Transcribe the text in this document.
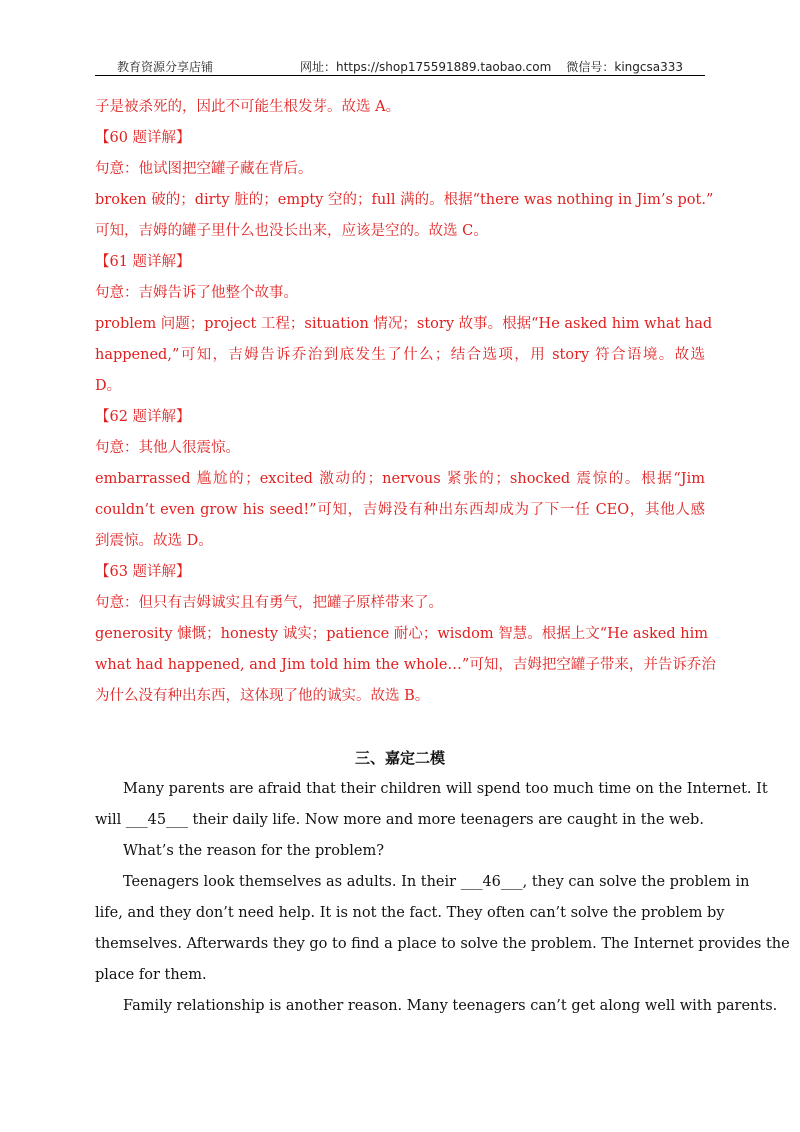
教育资源分享店铺	网址：https://shop175591889.taobao.com 微信号：kingcsa333
子是被杀死的，因此不可能生根发芽。故选 A。
【60 题详解】
句意：他试图把空罐子藏在背后。
broken 破的；dirty 脏的；empty 空的；full 满的。根据“there was nothing in Jim’s pot.”
可知，吉姆的罐子里什么也没长出来，应该是空的。故选 C。
【61 题详解】
句意：吉姆告诉了他整个故事。
problem 问题；project 工程；situation 情况；story 故事。根据“He asked him what had
happened,”可知，吉姆告诉乔治到底发生了什么；结合选项，用 story 符合语境。故选
D。
【62 题详解】
句意：其他人很震惊。
embarrassed 尴尬的；excited 激动的；nervous 紧张的；shocked 震惊的。根据“Jim
couldn’t even grow his seed!”可知，吉姆没有种出东西却成为了下一任 CEO，其他人感
到震惊。故选 D。
【63 题详解】
句意：但只有吉姆诚实且有勇气，把罐子原样带来了。
generosity 慷慨；honesty 诚实；patience 耐心；wisdom 智慧。根据上文“He asked him
what had happened, and Jim told him the whole…”可知，吉姆把空罐子带来，并告诉乔治
为什么没有种出东西，这体现了他的诚实。故选 B。
三、嘉定二模
Many parents are afraid that their children will spend too much time on the Internet. It
will ___45___ their daily life. Now more and more teenagers are caught in the web.
What’s the reason for the problem?
Teenagers look themselves as adults. In their ___46___, they can solve the problem in
life, and they don’t need help. It is not the fact. They often can’t solve the problem by
themselves. Afterwards they go to find a place to solve the problem. The Internet provides the
place for them.
Family relationship is another reason. Many teenagers can’t get along well with parents.
